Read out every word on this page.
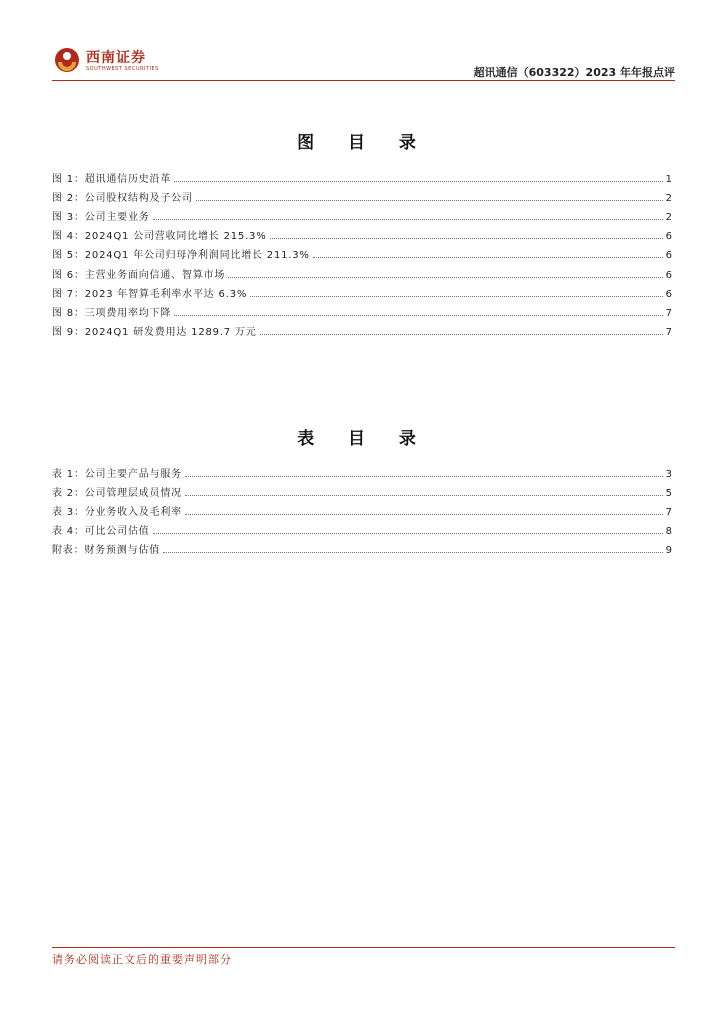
西南证券
SOUTHWEST SECURITIES	超讯通信（603322）2023 年年报点评
图 目 录
图 1：超讯通信历史沿革	1
图 2：公司股权结构及子公司	2
图 3：公司主要业务	2
图 4：2024Q1 公司营收同比增长 215.3%	6
图 5：2024Q1 年公司归母净利润同比增长 211.3%	6
图 6：主营业务面向信通、智算市场	6
图 7：2023 年智算毛利率水平达 6.3%	6
图 8：三项费用率均下降	7
图 9：2024Q1 研发费用达 1289.7 万元	7
表 目 录
表 1：公司主要产品与服务	3
表 2：公司管理层成员情况	5
表 3：分业务收入及毛利率	7
表 4：可比公司估值	8
附表：财务预测与估值	9
请务必阅读正文后的重要声明部分
